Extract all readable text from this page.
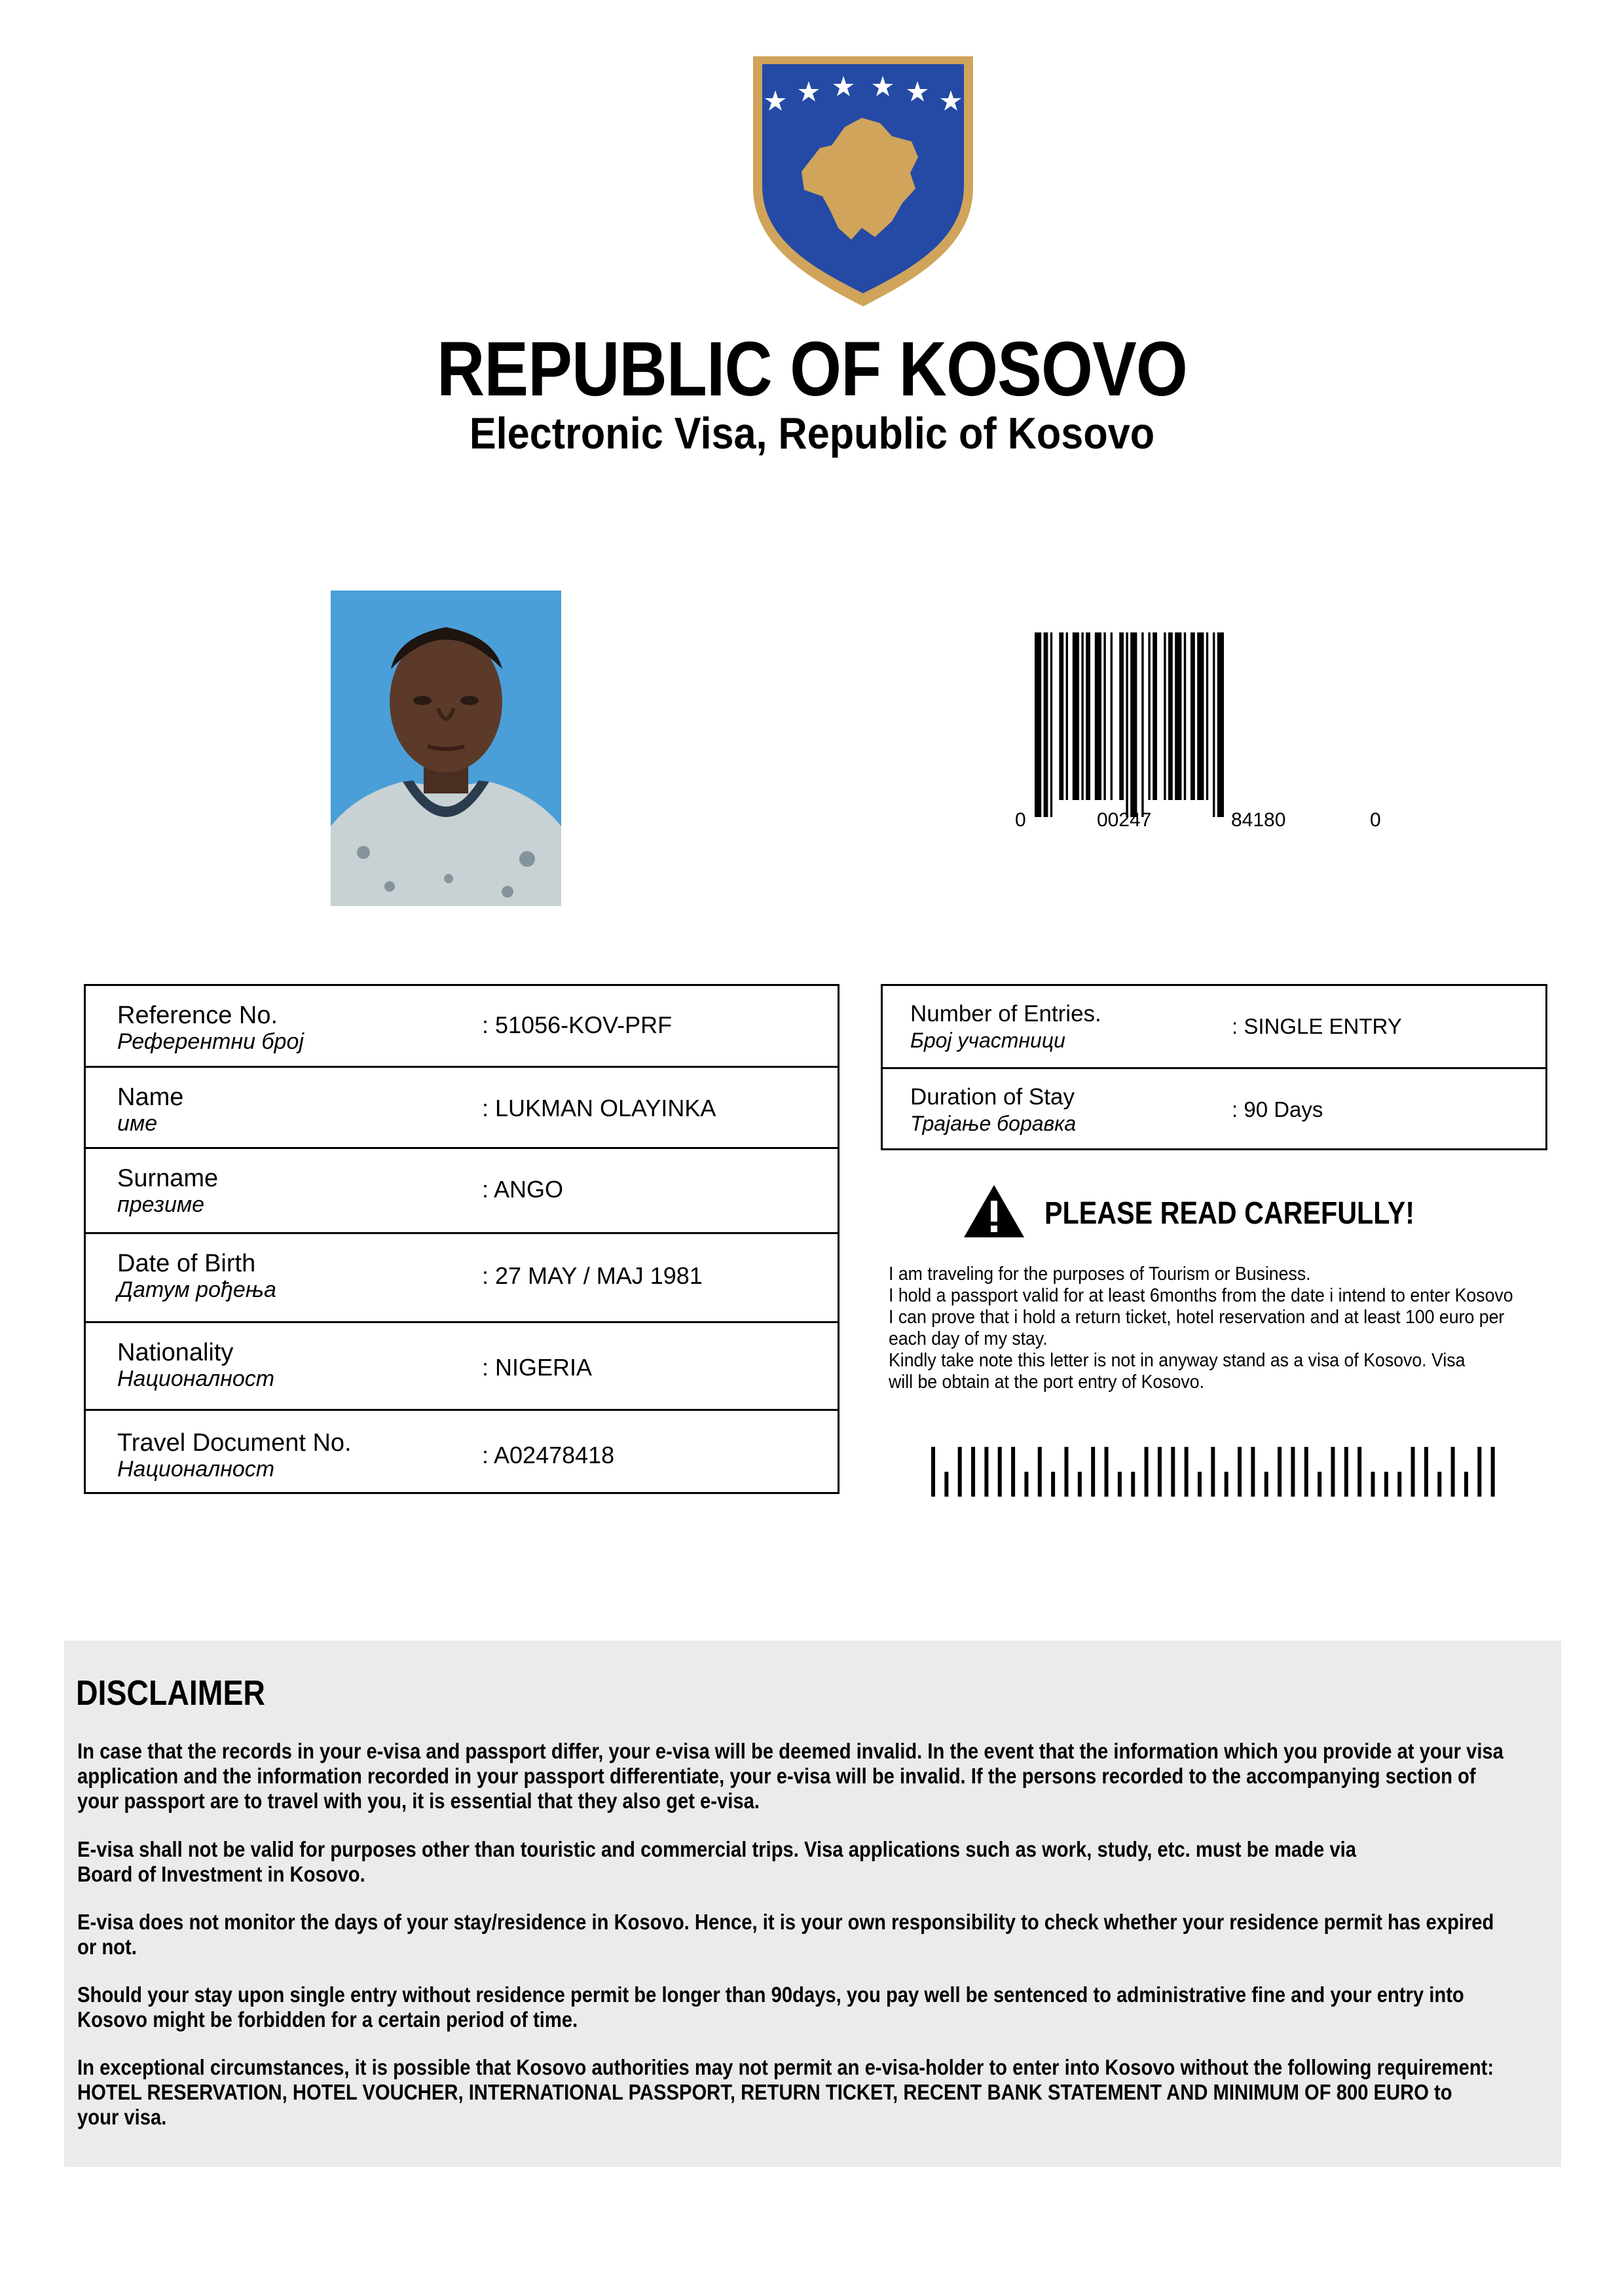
REPUBLIC OF KOSOVO
Electronic Visa, Republic of Kosovo
0	00247	84180	0
Reference No.
Референтни број
: 51056-KOV-PRF
Name
име
: LUKMAN OLAYINKA
Surname
презиме
: ANGO
Date of Birth
Датум рођења
: 27 MAY / MAJ 1981
Nationality
Националност	: NIGERIA
Travel Document No.
Националност
: A02478418
Number of Entries.
Број участници
: SINGLE ENTRY
Duration of Stay
Трајање боравка
: 90 Days
PLEASE READ CAREFULLY!
I am traveling for the purposes of Tourism or Business.
I hold a passport valid for at least 6months from the date i intend to enter Kosovo
I can prove that i hold a return ticket, hotel reservation and at least 100 euro per
each day of my stay.
Kindly take note this letter is not in anyway stand as a visa of Kosovo. Visa
will be obtain at the port entry of Kosovo.
DISCLAIMER
In case that the records in your e-visa and passport differ, your e-visa will be deemed invalid. In the event that the information which you provide at your visa
application and the information recorded in your passport differentiate, your e-visa will be invalid. If the persons recorded to the accompanying section of
your passport are to travel with you, it is essential that they also get e-visa.
E-visa shall not be valid for purposes other than touristic and commercial trips. Visa applications such as work, study, etc. must be made via
Board of Investment in Kosovo.
E-visa does not monitor the days of your stay/residence in Kosovo. Hence, it is your own responsibility to check whether your residence permit has expired
or not.
Should your stay upon single entry without residence permit be longer than 90days, you pay well be sentenced to administrative fine and your entry into
Kosovo might be forbidden for a certain period of time.
In exceptional circumstances, it is possible that Kosovo authorities may not permit an e-visa-holder to enter into Kosovo without the following requirement:
HOTEL RESERVATION, HOTEL VOUCHER, INTERNATIONAL PASSPORT, RETURN TICKET, RECENT BANK STATEMENT AND MINIMUM OF 800 EURO to
your visa.
